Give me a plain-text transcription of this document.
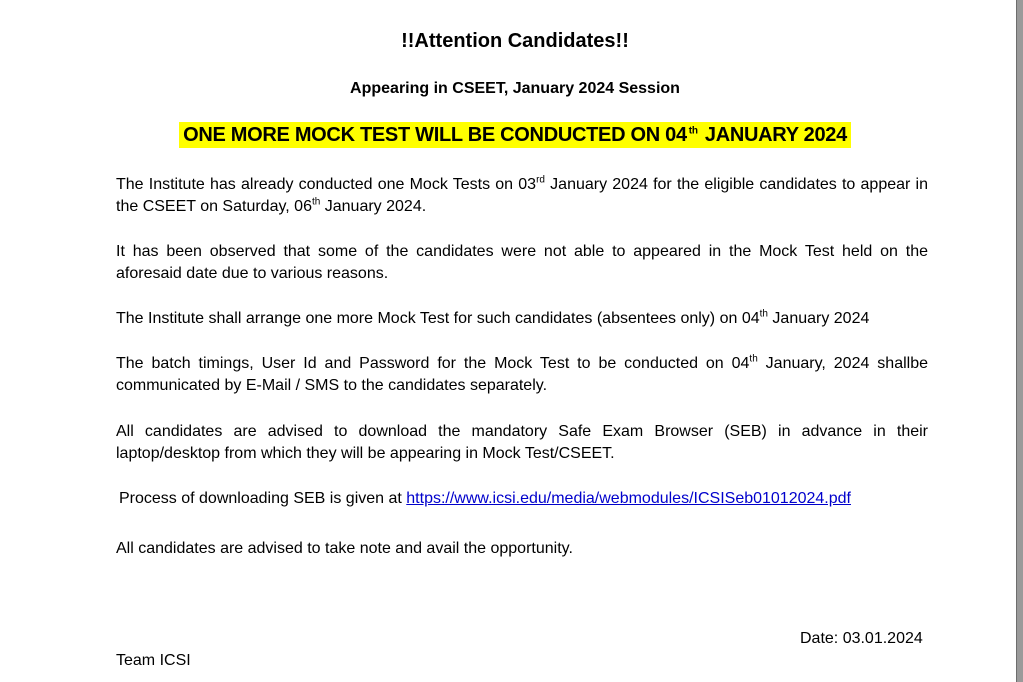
!!Attention Candidates!!
Appearing in CSEET, January 2024 Session
ONE MORE MOCK TEST WILL BE CONDUCTED ON 04 $^{th}$ JANUARY 2024
The Institute has already conducted one Mock Tests on 03rd January 2024 for the eligible candidates to appear in the CSEET on Saturday, 06th January 2024.
It has been observed that some of the candidates were not able to appeared in the Mock Test held on the aforesaid date due to various reasons.
The Institute shall arrange one more Mock Test for such candidates (absentees only) on 04th January 2024
The batch timings, User Id and Password for the Mock Test to be conducted on 04th January, 2024 shallbe communicated by E-Mail / SMS to the candidates separately.
All candidates are advised to download the mandatory Safe Exam Browser (SEB) in advance in their laptop/desktop from which they will be appearing in Mock Test/CSEET.
Process of downloading SEB is given at https://www.icsi.edu/media/webmodules/ICSISeb01012024.pdf
All candidates are advised to take note and avail the opportunity.
Date: 03.01.2024
Team ICSI
